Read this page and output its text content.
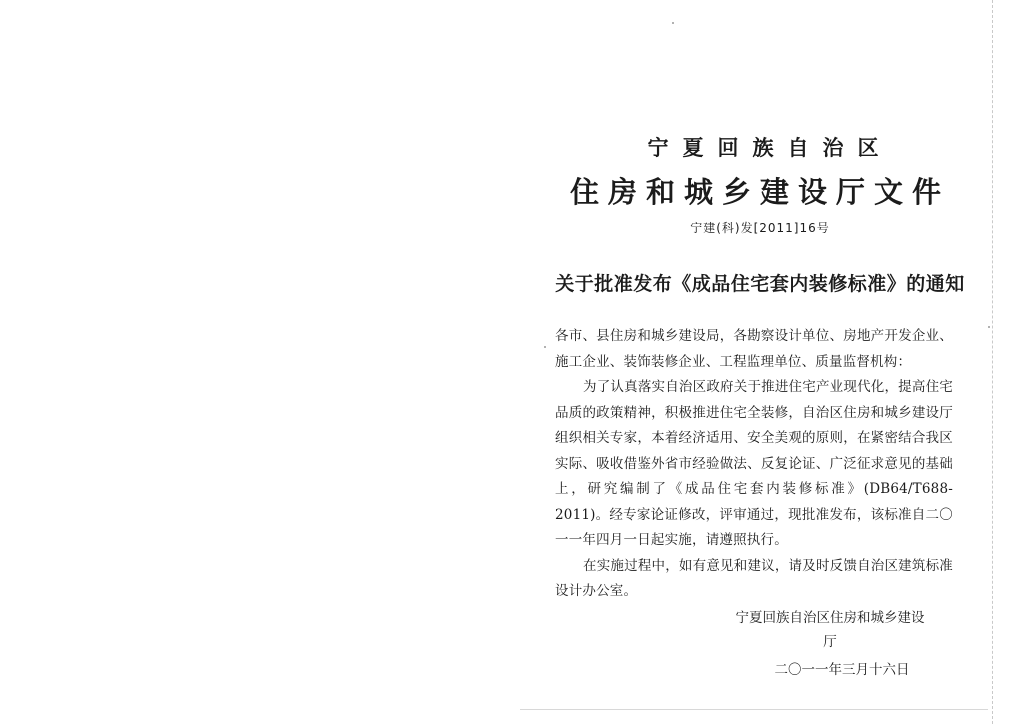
宁夏回族自治区
住房和城乡建设厅文件
宁建(科)发[2011]16号
关于批准发布《成品住宅套内装修标准》的通知

各市、县住房和城乡建设局，各勘察设计单位、房地产开发企业、施工企业、装饰装修企业、工程监理单位、质量监督机构：

为了认真落实自治区政府关于推进住宅产业现代化，提高住宅品质的政策精神，积极推进住宅全装修，自治区住房和城乡建设厅组织相关专家，本着经济适用、安全美观的原则，在紧密结合我区实际、吸收借鉴外省市经验做法、反复论证、广泛征求意见的基础上，研究编制了《成品住宅套内装修标准》(DB64/T688-2011)。经专家论证修改，评审通过，现批准发布，该标准自二〇一一年四月一日起实施，请遵照执行。

在实施过程中，如有意见和建议，请及时反馈自治区建筑标准设计办公室。

宁夏回族自治区住房和城乡建设厅
二〇一一年三月十六日
